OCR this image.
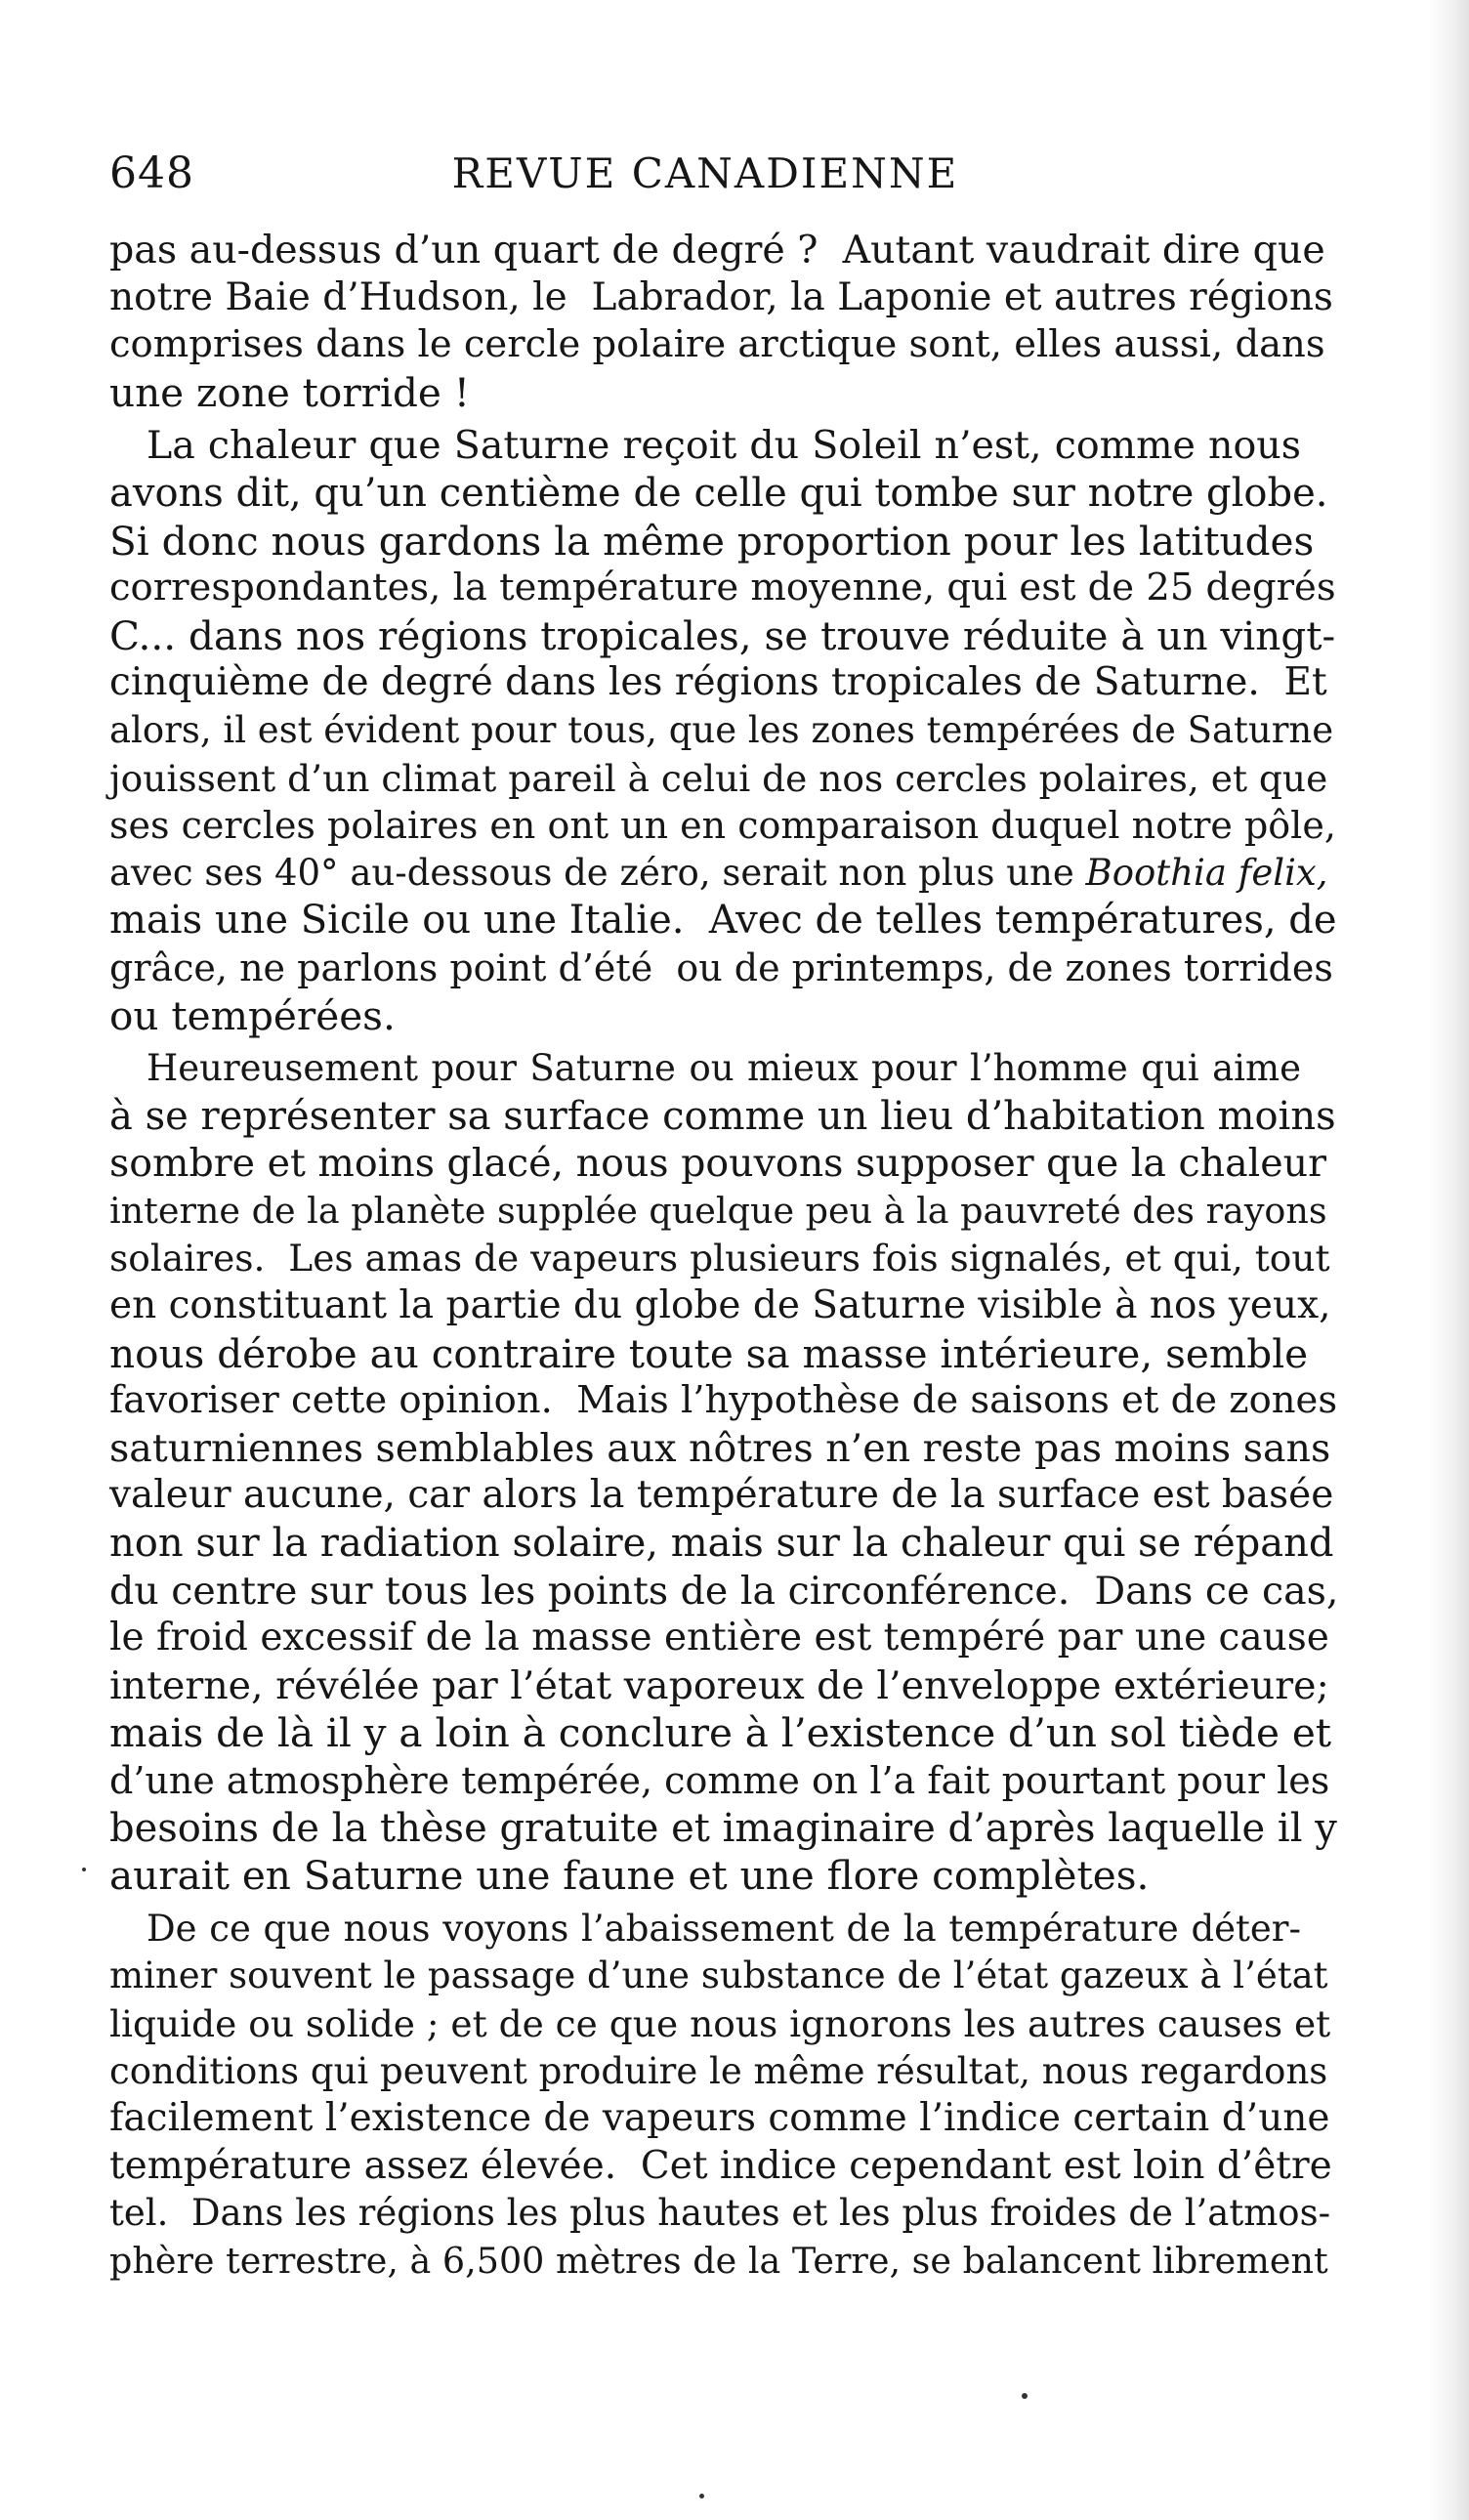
648	REVUE CANADIENNE
pas au-dessus d’un quart de degré ?  Autant vaudrait dire que
notre Baie d’Hudson, le  Labrador, la Laponie et autres régions
comprises dans le cercle polaire arctique sont, elles aussi, dans
une zone torride !
La chaleur que Saturne reçoit du Soleil n’est, comme nous
avons dit, qu’un centième de celle qui tombe sur notre globe.
Si donc nous gardons la même proportion pour les latitudes
correspondantes, la température moyenne, qui est de 25 degrés
C... dans nos régions tropicales, se trouve réduite à un vingt-
cinquième de degré dans les régions tropicales de Saturne.  Et
alors, il est évident pour tous, que les zones tempérées de Saturne
jouissent d’un climat pareil à celui de nos cercles polaires, et que
ses cercles polaires en ont un en comparaison duquel notre pôle,
avec ses 40° au-dessous de zéro, serait non plus une Boothia felix,
mais une Sicile ou une Italie.  Avec de telles températures, de
grâce, ne parlons point d’été  ou de printemps, de zones torrides
ou tempérées.
Heureusement pour Saturne ou mieux pour l’homme qui aime
à se représenter sa surface comme un lieu d’habitation moins
sombre et moins glacé, nous pouvons supposer que la chaleur
interne de la planète supplée quelque peu à la pauvreté des rayons
solaires.  Les amas de vapeurs plusieurs fois signalés, et qui, tout
en constituant la partie du globe de Saturne visible à nos yeux,
nous dérobe au contraire toute sa masse intérieure, semble
favoriser cette opinion.  Mais l’hypothèse de saisons et de zones
saturniennes semblables aux nôtres n’en reste pas moins sans
valeur aucune, car alors la température de la surface est basée
non sur la radiation solaire, mais sur la chaleur qui se répand
du centre sur tous les points de la circonférence.  Dans ce cas,
le froid excessif de la masse entière est tempéré par une cause
interne, révélée par l’état vaporeux de l’enveloppe extérieure;
mais de là il y a loin à conclure à l’existence d’un sol tiède et
d’une atmosphère tempérée, comme on l’a fait pourtant pour les
besoins de la thèse gratuite et imaginaire d’après laquelle il y
aurait en Saturne une faune et une flore complètes.
De ce que nous voyons l’abaissement de la température déter-
miner souvent le passage d’une substance de l’état gazeux à l’état
liquide ou solide ; et de ce que nous ignorons les autres causes et
conditions qui peuvent produire le même résultat, nous regardons
facilement l’existence de vapeurs comme l’indice certain d’une
température assez élevée.  Cet indice cependant est loin d’être
tel.  Dans les régions les plus hautes et les plus froides de l’atmos-
phère terrestre, à 6,500 mètres de la Terre, se balancent librement
